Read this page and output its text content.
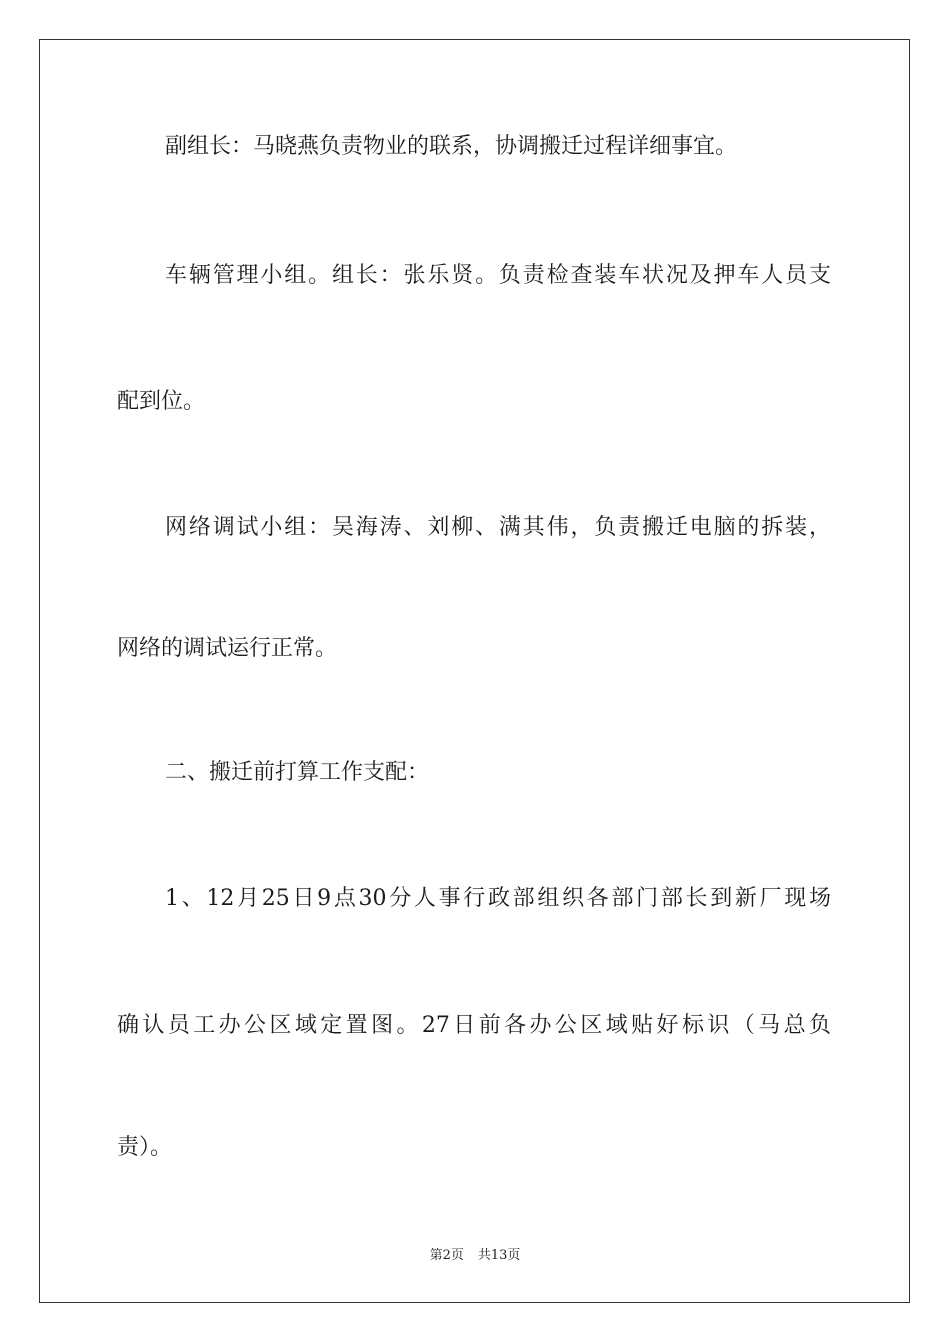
副组长：马晓燕负责物业的联系，协调搬迁过程详细事宜。
车辆管理小组。组长：张乐贤。负责检查装车状况及押车人员支
配到位。
网络调试小组：吴海涛、刘柳、满其伟，负责搬迁电脑的拆装，
网络的调试运行正常。
二、搬迁前打算工作支配：
1、12月25日9点30分人事行政部组织各部门部长到新厂现场
确认员工办公区域定置图。27日前各办公区域贴好标识（马总负
责）。
第2页 共13页
